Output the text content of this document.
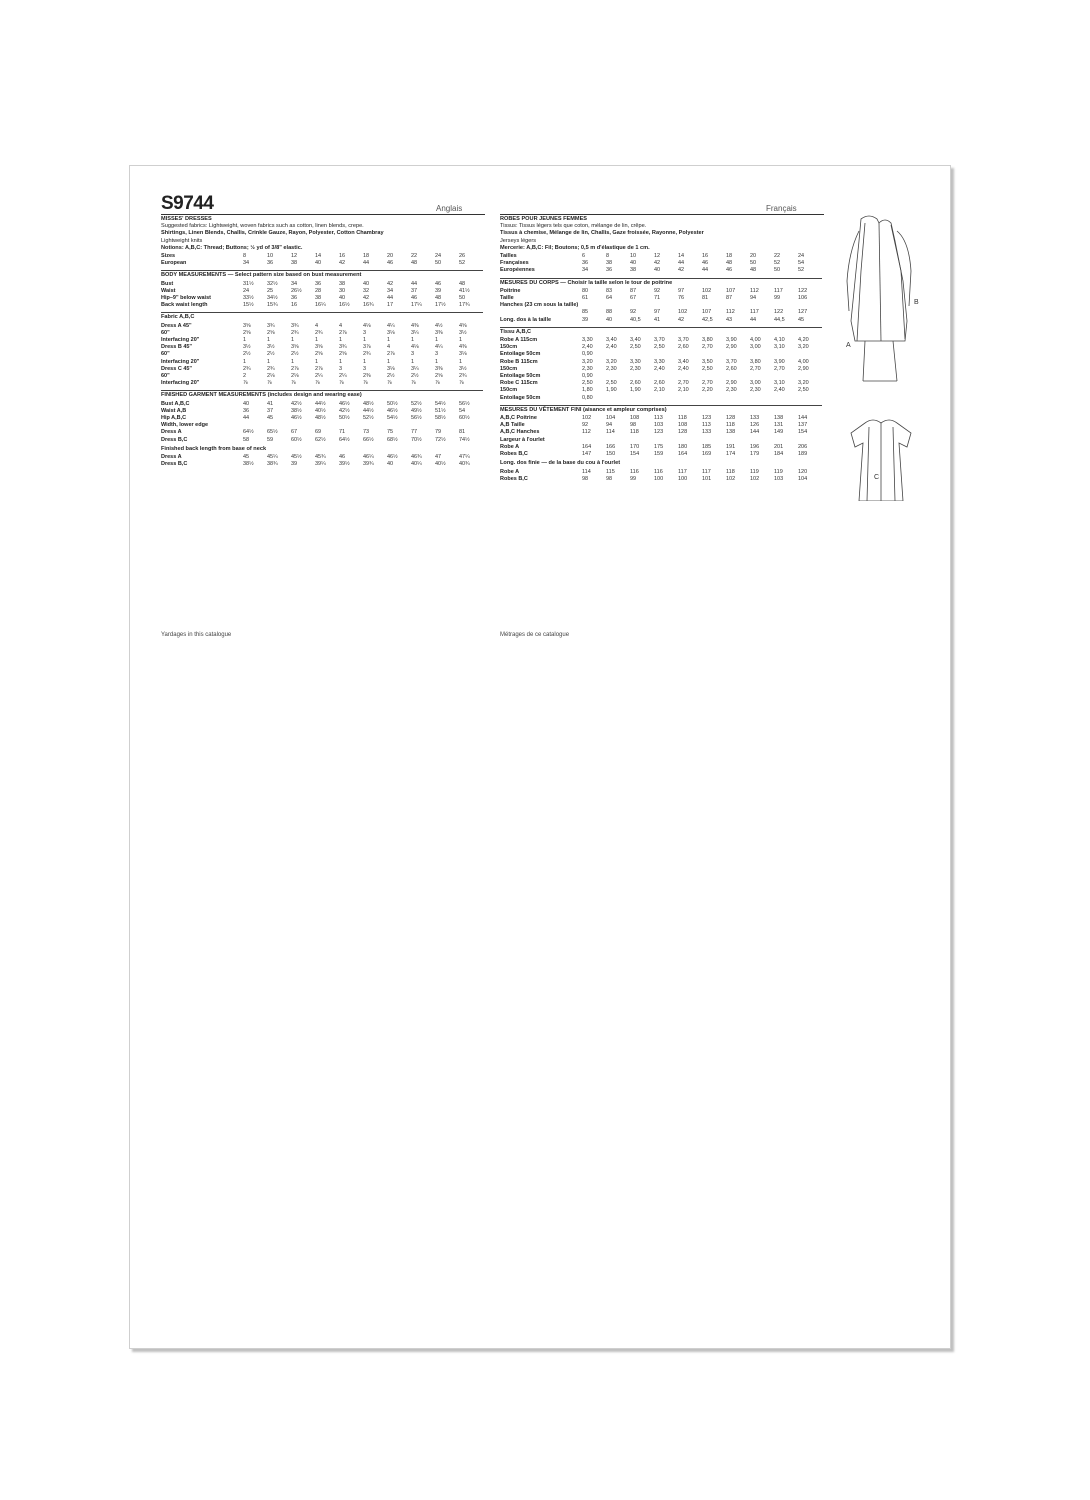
S9744	Anglais	Français

MISSES' DRESSES

Suggested fabrics: Lightweight, woven fabrics such as cotton, linen blends, crepe.

Shirtings, Linen Blends, Challis, Crinkle Gauze, Rayon, Polyester, Cotton Chambray

Lightweight knits

Notions: A,B,C: Thread; Buttons; ½ yd of 3/8" elastic.

Sizes	8	10	12	14	16	18	20	22	24	26
European	34	36	38	40	42	44	46	48	50	52

BODY MEASUREMENTS — Select pattern size based on bust measurement

Bust	31½	32½	34	36	38	40	42	44	46	48
Waist	24	25	26½	28	30	32	34	37	39	41½
Hip–9" below waist	33½	34½	36	38	40	42	44	46	48	50
Back waist length	15½	15¾	16	16¼	16½	16¾	17	17¼	17½	17¾

Fabric A,B,C

Dress A 45"	3⅝	3¾	3¾	4	4	4⅛	4¼	4⅜	4½	4⅝
60"	2⅝	2⅝	2¾	2¾	2⅞	3	3⅛	3¼	3⅜	3½
Interfacing 20"	1	1	1	1	1	1	1	1	1	1
Dress B 45"	3½	3½	3⅝	3⅝	3¾	3⅞	4	4⅛	4¼	4⅜
60"	2½	2½	2½	2⅝	2⅝	2¾	2⅞	3	3	3⅛
Interfacing 20"	1	1	1	1	1	1	1	1	1	1
Dress C 45"	2¾	2¾	2⅞	2⅞	3	3	3⅛	3¼	3⅜	3½
60"	2	2⅛	2⅛	2¼	2¼	2⅜	2½	2½	2⅝	2¾
Interfacing 20"	⅞	⅞	⅞	⅞	⅞	⅞	⅞	⅞	⅞	⅞

FINISHED GARMENT MEASUREMENTS (includes design and wearing ease)

Bust A,B,C	40	41	42½	44½	46½	48½	50½	52½	54½	56½
Waist A,B	36	37	38½	40½	42½	44½	46½	49½	51½	54
Hip A,B,C	44	45	46½	48½	50½	52½	54½	56½	58½	60½
Width, lower edge										
Dress A	64½	65½	67	69	71	73	75	77	79	81
Dress B,C	58	59	60½	62½	64½	66½	68½	70½	72½	74½

Finished back length from base of neck

Dress A	45	45¼	45½	45¾	46	46¼	46½	46¾	47	47¼
Dress B,C	38½	38¾	39	39¼	39½	39¾	40	40¼	40½	40¾

ROBES POUR JEUNES FEMMES

Tissus: Tissus légers tels que coton, mélange de lin, crêpe.

Tissus à chemise, Mélange de lin, Challis, Gaze froissée, Rayonne, Polyester

Jerseys légers

Mercerie: A,B,C: Fil; Boutons; 0,5 m d'élastique de 1 cm.

Tailles	6	8	10	12	14	16	18	20	22	24
Françaises	36	38	40	42	44	46	48	50	52	54
Européennes	34	36	38	40	42	44	46	48	50	52

MESURES DU CORPS — Choisir la taille selon le tour de poitrine

Poitrine	80	83	87	92	97	102	107	112	117	122
Taille	61	64	67	71	76	81	87	94	99	106
Hanches (23 cm sous la taille)										
	85	88	92	97	102	107	112	117	122	127
Long. dos à la taille	39	40	40,5	41	42	42,5	43	44	44,5	45

Tissu A,B,C

Robe A 115cm	3,30	3,40	3,40	3,70	3,70	3,80	3,90	4,00	4,10	4,20
150cm	2,40	2,40	2,50	2,50	2,60	2,70	2,90	3,00	3,10	3,20
Entoilage 50cm	0,90									
Robe B 115cm	3,20	3,20	3,30	3,30	3,40	3,50	3,70	3,80	3,90	4,00
150cm	2,30	2,30	2,30	2,40	2,40	2,50	2,60	2,70	2,70	2,90
Entoilage 50cm	0,90									
Robe C 115cm	2,50	2,50	2,60	2,60	2,70	2,70	2,90	3,00	3,10	3,20
150cm	1,80	1,90	1,90	2,10	2,10	2,20	2,30	2,30	2,40	2,50
Entoilage 50cm	0,80									

MESURES DU VÊTEMENT FINI (aisance et ampleur comprises)

A,B,C Poitrine	102	104	108	113	118	123	128	133	138	144
A,B Taille	92	94	98	103	108	113	118	126	131	137
A,B,C Hanches	112	114	118	123	128	133	138	144	149	154
Largeur à l'ourlet										
Robe A	164	166	170	175	180	185	191	196	201	206
Robes B,C	147	150	154	159	164	169	174	179	184	189

Long. dos finie — de la base du cou à l'ourlet

Robe A	114	115	116	116	117	117	118	119	119	120
Robes B,C	98	98	99	100	100	101	102	102	103	104
Yardages in this catalogue	Métrages de ce catalogue
B
A
C
